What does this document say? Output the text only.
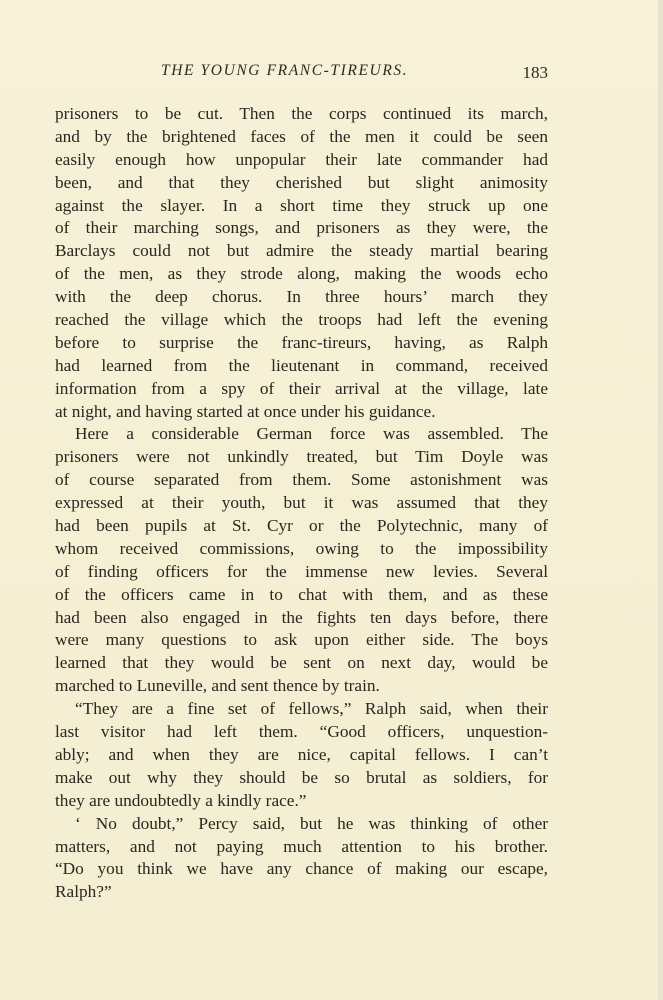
THE YOUNG FRANC-TIREURS.	183
prisoners to be cut. Then the corps continued its march,
and by the brightened faces of the men it could be seen
easily enough how unpopular their late commander had
been, and that they cherished but slight animosity
against the slayer. In a short time they struck up one
of their marching songs, and prisoners as they were, the
Barclays could not but admire the steady martial bearing
of the men, as they strode along, making the woods echo
with the deep chorus. In three hours’ march they
reached the village which the troops had left the evening
before to surprise the franc-tireurs, having, as Ralph
had learned from the lieutenant in command, received
information from a spy of their arrival at the village, late
at night, and having started at once under his guidance.
Here a considerable German force was assembled. The
prisoners were not unkindly treated, but Tim Doyle was
of course separated from them. Some astonishment was
expressed at their youth, but it was assumed that they
had been pupils at St. Cyr or the Polytechnic, many of
whom received commissions, owing to the impossibility
of finding officers for the immense new levies. Several
of the officers came in to chat with them, and as these
had been also engaged in the fights ten days before, there
were many questions to ask upon either side. The boys
learned that they would be sent on next day, would be
marched to Luneville, and sent thence by train.
“They are a fine set of fellows,” Ralph said, when their
last visitor had left them. “Good officers, unquestion-
ably; and when they are nice, capital fellows. I can’t
make out why they should be so brutal as soldiers, for
they are undoubtedly a kindly race.”
‘ No doubt,” Percy said, but he was thinking of other
matters, and not paying much attention to his brother.
“Do you think we have any chance of making our escape,
Ralph?”
